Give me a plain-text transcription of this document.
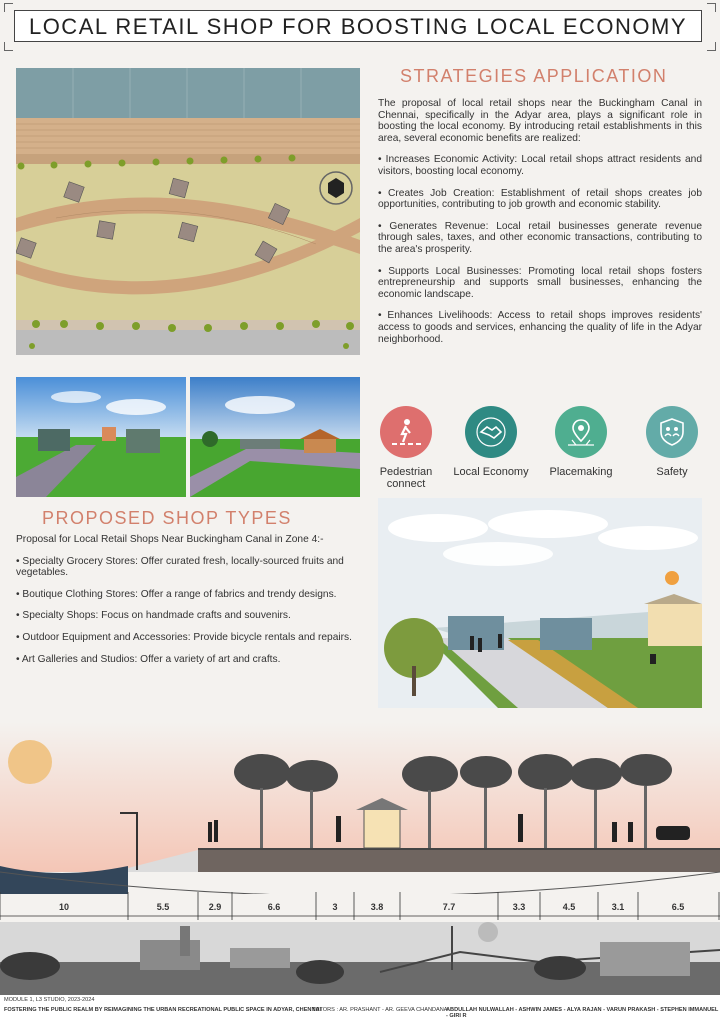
LOCAL RETAIL SHOP FOR BOOSTING LOCAL ECONOMY
STRATEGIES APPLICATION

The proposal of local retail shops near the Buckingham Canal in Chennai, specifically in the Adyar area, plays a significant role in boosting the local economy. By introducing retail establishments in this area, several economic benefits are realized:

• Increases Economic Activity: Local retail shops attract residents and visitors, boosting local economy.

• Creates Job Creation: Establishment of retail shops creates job opportunities, contributing to job growth and economic stability.

• Generates Revenue: Local retail businesses generate revenue through sales, taxes, and other economic transactions, contributing to the area's prosperity.

• Supports Local Businesses: Promoting local retail shops fosters entrepreneurship and supports small businesses, enhancing the economic landscape.

• Enhances Livelihoods: Access to retail shops improves residents' access to goods and services, enhancing the quality of life in the Adyar neighborhood.

Pedestrian connect
Local Economy	Placemaking	Safety
PROPOSED SHOP TYPES

Proposal for Local Retail Shops Near Buckingham Canal in Zone 4:-

• Specialty Grocery Stores: Offer curated fresh, locally-sourced fruits and vegetables.

• Boutique Clothing Stores: Offer a range of fabrics and trendy designs.

• Specialty Shops: Focus on handmade crafts and souvenirs.

• Outdoor Equipment and Accessories: Provide bicycle rentals and repairs.

• Art Galleries and Studios: Offer a variety of art and crafts.

10	5.5	2.9	6.6	3	3.8	7.7	3.3	4.5	3.1	6.5
MODULE 1, L3 STUDIO, 2023-2024
FOSTERING THE PUBLIC REALM BY REIMAGINING THE URBAN RECREATIONAL PUBLIC SPACE IN ADYAR, CHENNAI
TUTORS : AR. PRASHANT - AR. GEEVA CHANDANA
ABDULLAH NULWALLAH - ASHWIN JAMES - ALYA RAJAN - VARUN PRAKASH - STEPHEN IMMANUEL - GIRI R
